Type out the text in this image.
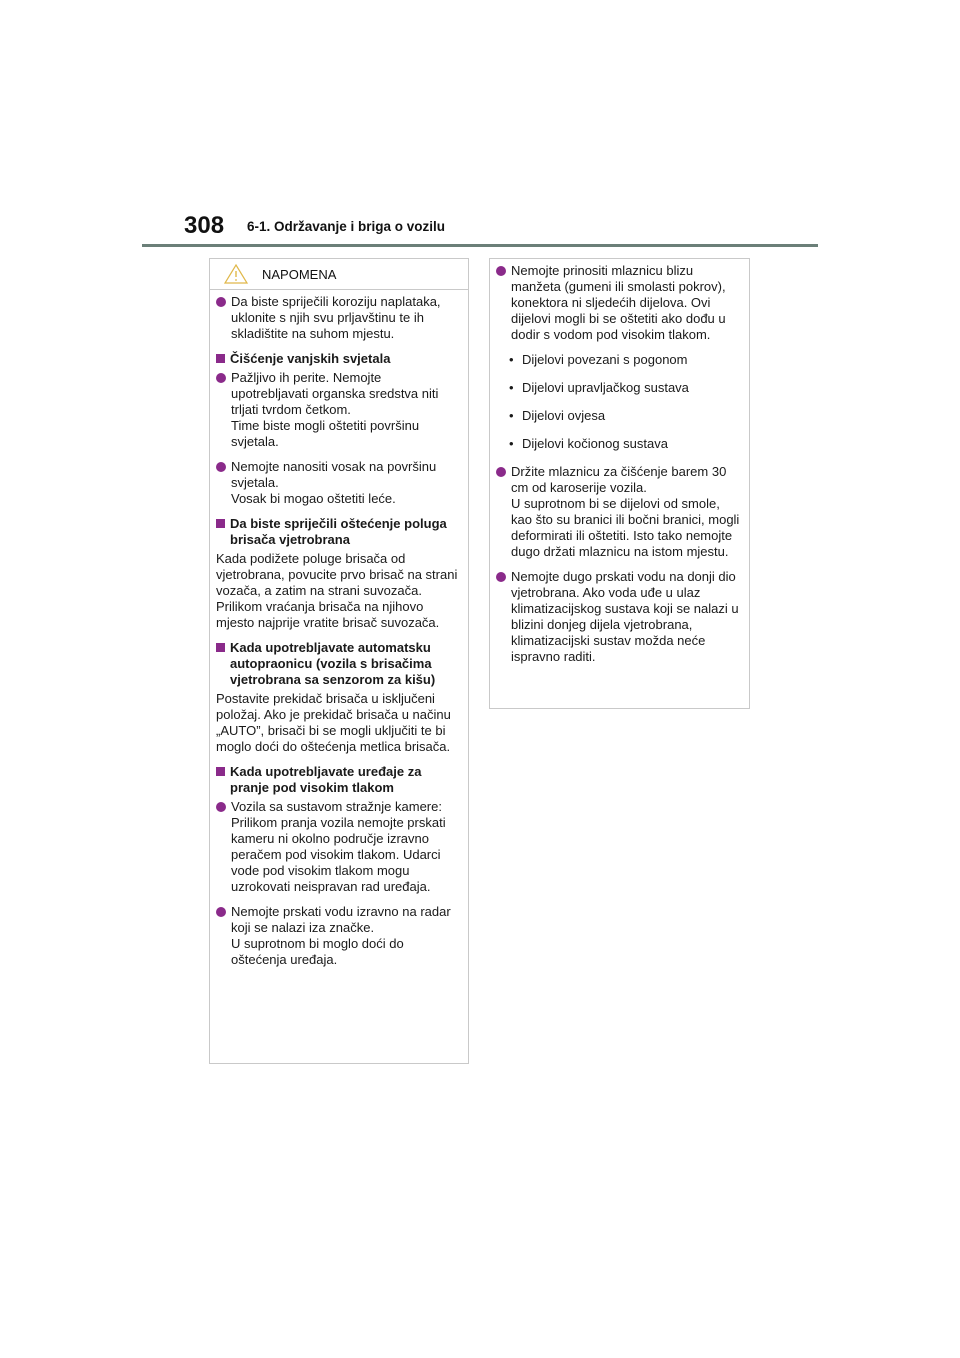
308 6-1. Održavanje i briga o vozilu
NAPOMENA
Da biste spriječili koroziju naplataka, uklonite s njih svu prljavštinu te ih skladištite na suhom mjestu.
Čišćenje vanjskih svjetala
Pažljivo ih perite. Nemojte upotrebljavati organska sredstva niti trljati tvrdom četkom.
Time biste mogli oštetiti površinu svjetala.
Nemojte nanositi vosak na površinu svjetala.
Vosak bi mogao oštetiti leće.
Da biste spriječili oštećenje poluga brisača vjetrobrana
Kada podižete poluge brisača od vjetrobrana, povucite prvo brisač na strani vozača, a zatim na strani suvozača. Prilikom vraćanja brisača na njihovo mjesto najprije vratite brisač suvozača.
Kada upotrebljavate automatsku autopraonicu (vozila s brisačima vjetrobrana sa senzorom za kišu)
Postavite prekidač brisača u isključeni položaj. Ako je prekidač brisača u načinu „AUTO”, brisači bi se mogli uključiti te bi moglo doći do oštećenja metlica brisača.
Kada upotrebljavate uređaje za pranje pod visokim tlakom
Vozila sa sustavom stražnje kamere: Prilikom pranja vozila nemojte prskati kameru ni okolno područje izravno peračem pod visokim tlakom. Udarci vode pod visokim tlakom mogu uzrokovati neispravan rad uređaja.
Nemojte prskati vodu izravno na radar koji se nalazi iza značke.
U suprotnom bi moglo doći do oštećenja uređaja.
Nemojte prinositi mlaznicu blizu manžeta (gumeni ili smolasti pokrov), konektora ni sljedećih dijelova. Ovi dijelovi mogli bi se oštetiti ako dođu u dodir s vodom pod visokim tlakom.
• Dijelovi povezani s pogonom
• Dijelovi upravljačkog sustava
• Dijelovi ovjesa
• Dijelovi kočionog sustava
Držite mlaznicu za čišćenje barem 30 cm od karoserije vozila.
U suprotnom bi se dijelovi od smole, kao što su branici ili bočni branici, mogli deformirati ili oštetiti. Isto tako nemojte dugo držati mlaznicu na istom mjestu.
Nemojte dugo prskati vodu na donji dio vjetrobrana. Ako voda uđe u ulaz klimatizacijskog sustava koji se nalazi u blizini donjeg dijela vjetrobrana, klimatizacijski sustav možda neće ispravno raditi.
